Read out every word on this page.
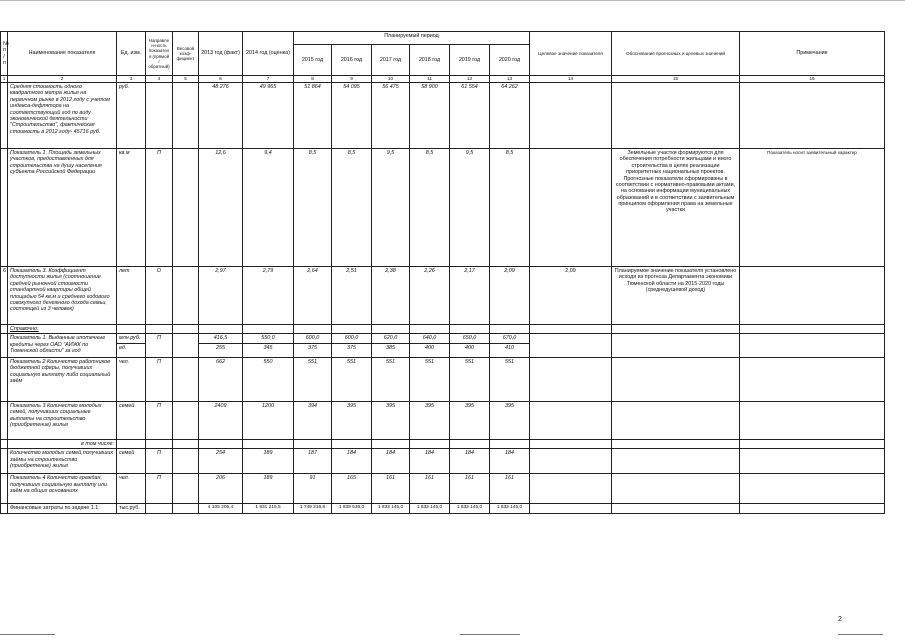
№ п/п	Наименование показателя	Ед. изм.	Направлен-ность показателя (прямой / обратный)	Весовой коэф-фициент	2013 год (факт)	2014 год (оценка)	Планируемый период						Целевое значение показателя	Обоснование прогнозных и целевых значений	Примечание
							2015 год	2016 год	2017 год	2018 год	2019 год	2020 год			
1	2	3	4	5	6	7	8	9	10	11	12	13	14	15	16
	Средняя стоимость одного квадратного метра жилья на первичном рынке в 2012 году с учетом индекса-дефлятора на соответствующий год по виду экономической деятельности "Строительство", фактическая стоимость в 2012 году- 45716 руб.	руб.			48 276	49 965	51 864	54 095	56 475	58 900	61 554	64 262			
	Показатель 1. Площадь земельных участков, предоставленных для строительства на душу населения субъекта Российской Федерации	кв.м	П		12,6	9,4	8,5	8,5	9,5	8,5	9,5	8,5		Земельные участки формируются для обеспечения потребности жильцами и иного строительства в целях реализации приоритетных национальных проектов. Прогнозные показатели сформированы в соответствии с нормативно-правовыми актами, на основании информации муниципальных образований и в соответствии с заявительным принципом оформления права на земельные участки	Показатель носит заявительный характер
6	Показатель 3. Коэффициент доступности жилья (соотношение средней рыночной стоимости стандартной квартиры общей площадью 54 кв.м и среднего годового совокупного денежного дохода семьи, состоящей из 3 человек)	лет	О		2,97	2,79	2,64	2,51	2,38	2,26	2,17	2,09	2,09	Планируемое значение показателя установлено исходя из прогноза Департамента экономики Тюменской области на 2015-2020 годы (среднедушевой доход)	
	Справочно:														
	Показатель 1. Выданные ипотечные кредиты через ОАО "АИЖК по Тюменской области" за год	млн.руб.	П		416,5	550,0	600,0	600,0	620,0	640,0	650,0	670,0			
		ед.			255	345	375	375	385	400	400	410			
	Показатель 2 Количество работников бюджетной сферы, получивших социальную выплату либо социальный заём	чел.	П		662	550	551	551	551	551	551	551			
	Показатель 3 Количество молодых семей, получивших социальные выплаты на строительство (приобретение) жилья	семей	П		2409	1200	394	395	395	395	395	395			
	в том числе:														
	Количество молодых семей,получивших заёмы на строительство (приобретение) жилья	семей	П		254	189	187	184	184	184	184	184			
	Показатель 4 Количество граждан, получивших социальную выплату или заём на общих основаниях	чел.	П		206	189	91	165	161	161	161	161			
	Финансовые затраты по задаче 1.1.	тыс.руб.			4 105 205,4	1 931 215,5	1 749 216,6	1 839 539,0	1 833 145,0	1 833 145,0	1 833 145,0	1 833 145,0			
2
